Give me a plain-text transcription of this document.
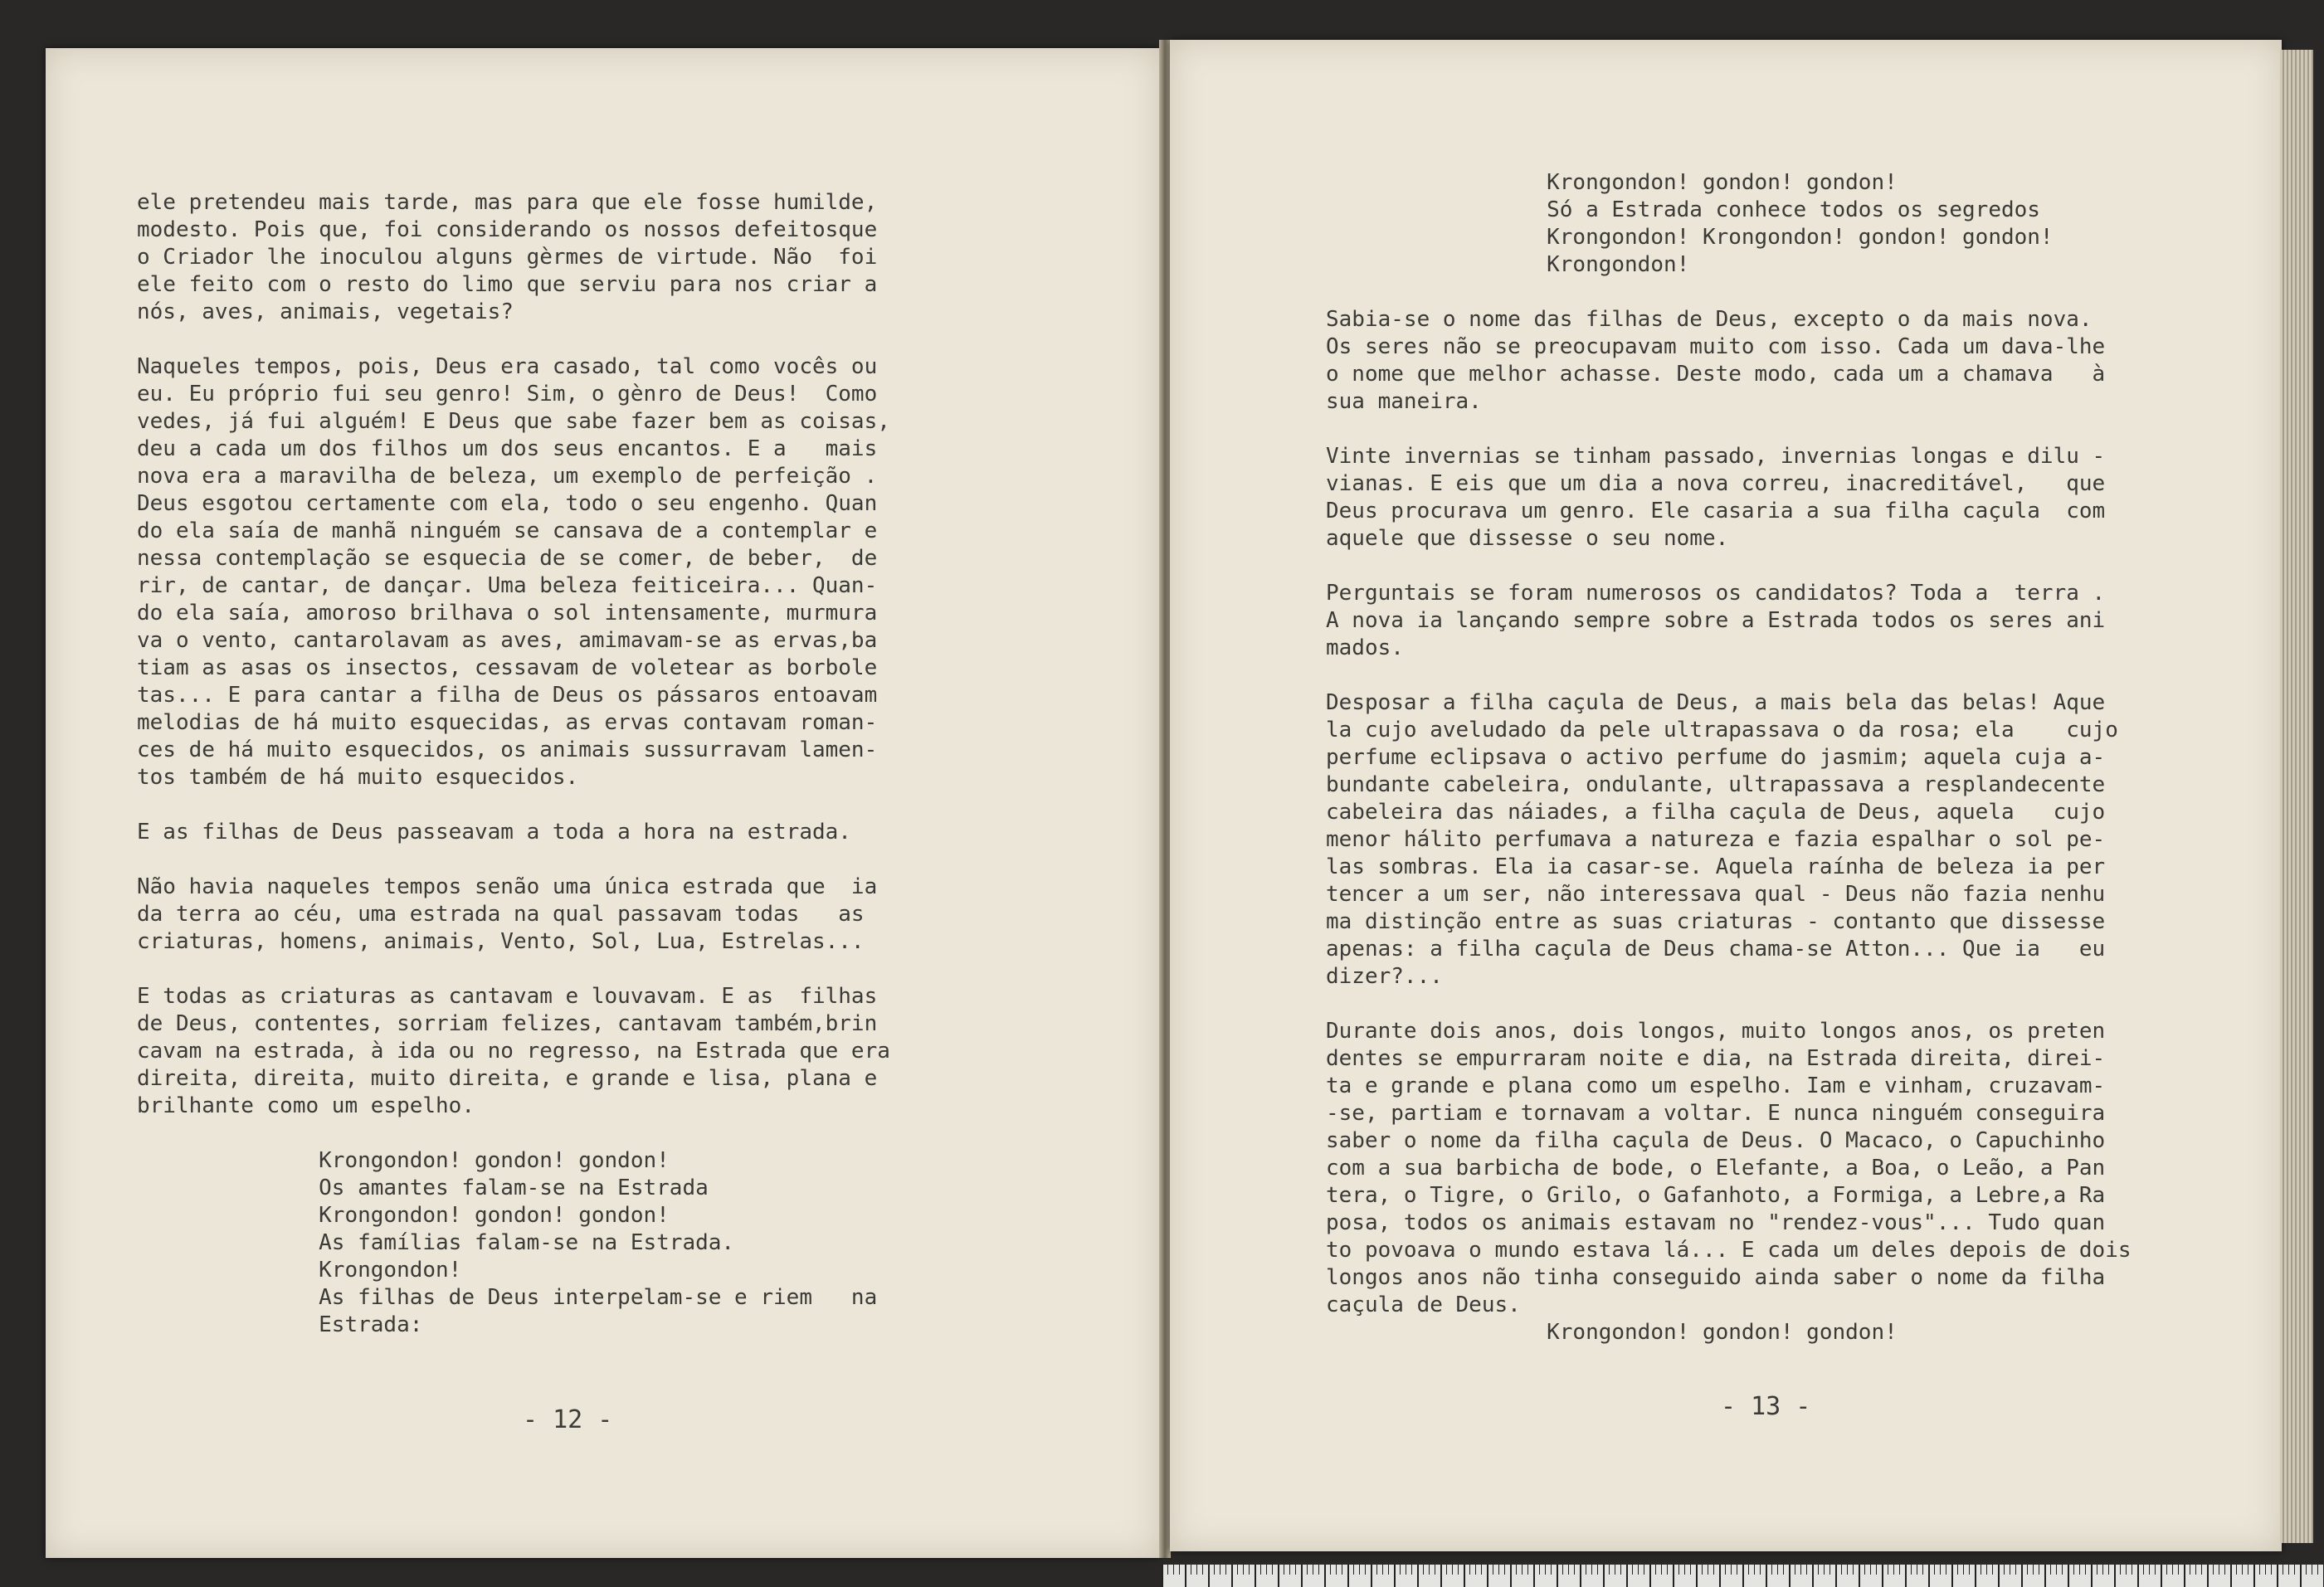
ele pretendeu mais tarde, mas para que ele fosse humilde,
modesto. Pois que, foi considerando os nossos defeitosque
o Criador lhe inoculou alguns gèrmes de virtude. Não  foi
ele feito com o resto do limo que serviu para nos criar a
nós, aves, animais, vegetais?

Naqueles tempos, pois, Deus era casado, tal como vocês ou
eu. Eu próprio fui seu genro! Sim, o gènro de Deus!  Como
vedes, já fui alguém! E Deus que sabe fazer bem as coisas,
deu a cada um dos filhos um dos seus encantos. E a   mais
nova era a maravilha de beleza, um exemplo de perfeição .
Deus esgotou certamente com ela, todo o seu engenho. Quan
do ela saía de manhã ninguém se cansava de a contemplar e
nessa contemplação se esquecia de se comer, de beber,  de
rir, de cantar, de dançar. Uma beleza feiticeira... Quan-
do ela saía, amoroso brilhava o sol intensamente, murmura
va o vento, cantarolavam as aves, amimavam-se as ervas,ba
tiam as asas os insectos, cessavam de voletear as borbole
tas... E para cantar a filha de Deus os pássaros entoavam
melodias de há muito esquecidas, as ervas contavam roman-
ces de há muito esquecidos, os animais sussurravam lamen-
tos também de há muito esquecidos.

E as filhas de Deus passeavam a toda a hora na estrada.

Não havia naqueles tempos senão uma única estrada que  ia
da terra ao céu, uma estrada na qual passavam todas   as
criaturas, homens, animais, Vento, Sol, Lua, Estrelas...

E todas as criaturas as cantavam e louvavam. E as  filhas
de Deus, contentes, sorriam felizes, cantavam também,brin
cavam na estrada, à ida ou no regresso, na Estrada que era
direita, direita, muito direita, e grande e lisa, plana e
brilhante como um espelho.

Krongondon! gondon! gondon!
Os amantes falam-se na Estrada
Krongondon! gondon! gondon!
As famílias falam-se na Estrada.
Krongondon!
As filhas de Deus interpelam-se e riem   na
Estrada:
- 12 -
Krongondon! gondon! gondon!
Só a Estrada conhece todos os segredos
Krongondon! Krongondon! gondon! gondon!
Krongondon!

Sabia-se o nome das filhas de Deus, excepto o da mais nova.
Os seres não se preocupavam muito com isso. Cada um dava-lhe
o nome que melhor achasse. Deste modo, cada um a chamava   à
sua maneira.

Vinte invernias se tinham passado, invernias longas e dilu -
vianas. E eis que um dia a nova correu, inacreditável,   que
Deus procurava um genro. Ele casaria a sua filha caçula  com
aquele que dissesse o seu nome.

Perguntais se foram numerosos os candidatos? Toda a  terra .
A nova ia lançando sempre sobre a Estrada todos os seres ani
mados.

Desposar a filha caçula de Deus, a mais bela das belas! Aque
la cujo aveludado da pele ultrapassava o da rosa; ela    cujo
perfume eclipsava o activo perfume do jasmim; aquela cuja a-
bundante cabeleira, ondulante, ultrapassava a resplandecente
cabeleira das náiades, a filha caçula de Deus, aquela   cujo
menor hálito perfumava a natureza e fazia espalhar o sol pe-
las sombras. Ela ia casar-se. Aquela raínha de beleza ia per
tencer a um ser, não interessava qual - Deus não fazia nenhu
ma distinção entre as suas criaturas - contanto que dissesse
apenas: a filha caçula de Deus chama-se Atton... Que ia   eu
dizer?...

Durante dois anos, dois longos, muito longos anos, os preten
dentes se empurraram noite e dia, na Estrada direita, direi-
ta e grande e plana como um espelho. Iam e vinham, cruzavam-
-se, partiam e tornavam a voltar. E nunca ninguém conseguira
saber o nome da filha caçula de Deus. O Macaco, o Capuchinho
com a sua barbicha de bode, o Elefante, a Boa, o Leão, a Pan
tera, o Tigre, o Grilo, o Gafanhoto, a Formiga, a Lebre,a Ra
posa, todos os animais estavam no "rendez-vous"... Tudo quan
to povoava o mundo estava lá... E cada um deles depois de dois
longos anos não tinha conseguido ainda saber o nome da filha
caçula de Deus.
Krongondon! gondon! gondon!
- 13 -
